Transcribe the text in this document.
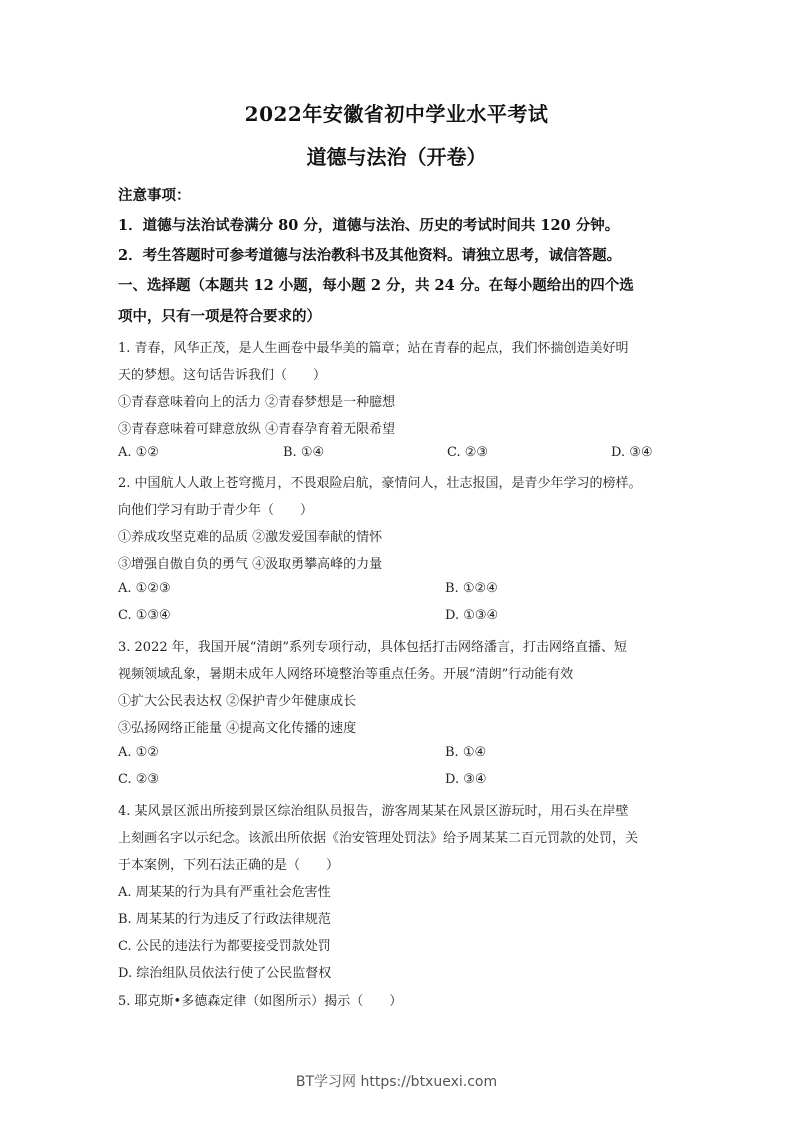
2022年安徽省初中学业水平考试
道德与法治（开卷）
注意事项：
1．道德与法治试卷满分 80 分，道德与法治、历史的考试时间共 120 分钟。
2．考生答题时可参考道德与法治教科书及其他资料。请独立思考，诚信答题。
一、选择题（本题共 12 小题，每小题 2 分，共 24 分。在每小题给出的四个选
项中，只有一项是符合要求的）
1. 青春，风华正茂，是人生画卷中最华美的篇章；站在青春的起点，我们怀揣创造美好明
天的梦想。这句话告诉我们（　　）
①青春意味着向上的活力 ②青春梦想是一种臆想
③青春意味着可肆意放纵 ④青春孕育着无限希望
A. ①②	B. ①④	C. ②③	D. ③④
2. 中国航人人敢上苍穹揽月，不畏艰险启航，豪情问人，壮志报国，是青少年学习的榜样。
向他们学习有助于青少年（　　）
①养成攻坚克难的品质 ②激发爱国奉献的情怀
③增强自傲自负的勇气 ④汲取勇攀高峰的力量
A. ①②③	B. ①②④
C. ①③④	D. ①③④
3. 2022 年，我国开展“清朗”系列专项行动，具体包括打击网络潘言，打击网络直播、短
视频领域乱象，暑期未成年人网络环境整治等重点任务。开展“清朗”行动能有效
①扩大公民表达权 ②保护青少年健康成长
③弘扬网络正能量 ④提高文化传播的速度
A. ①②	B. ①④
C. ②③	D. ③④
4. 某风景区派出所接到景区综治组队员报告，游客周某某在风景区游玩时，用石头在岸壁
上刻画名字以示纪念。该派出所依据《治安管理处罚法》给予周某某二百元罚款的处罚，关
于本案例，下列石法正确的是（　　）
A. 周某某的行为具有严重社会危害性
B. 周某某的行为违反了行政法律规范
C. 公民的违法行为都要接受罚款处罚
D. 综治组队员依法行使了公民监督权
5. 耶克斯•多德森定律（如图所示）揭示（　　）
BT学习网 https://btxuexi.com
